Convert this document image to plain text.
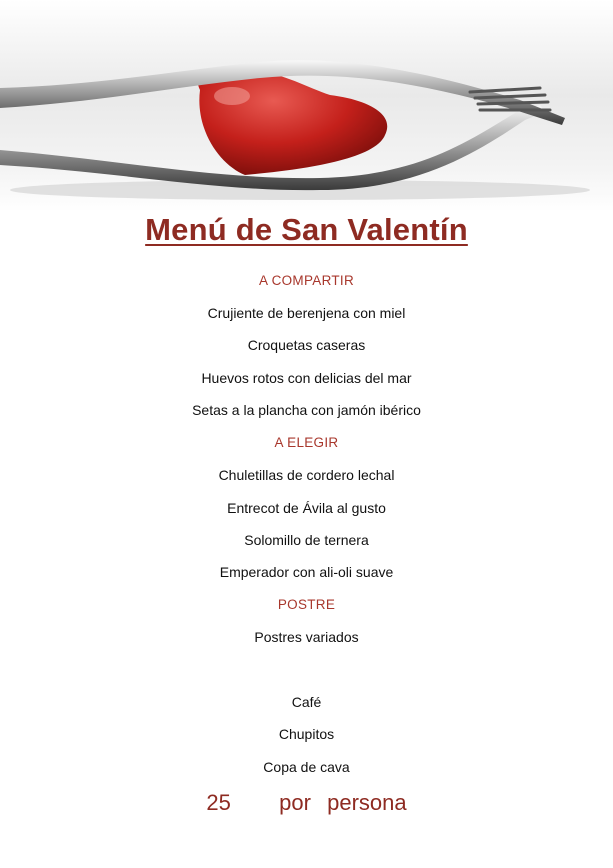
Menú de San Valentín
A COMPARTIR
Crujiente de berenjena con miel
Croquetas caseras
Huevos rotos con delicias del mar
Setas a la plancha con jamón ibérico
A ELEGIR
Chuletillas de cordero lechal
Entrecot de Ávila al gusto
Solomillo de ternera
Emperador con ali-oli suave
POSTRE
Postres variados
Café
Chupitos
Copa de cava
25   por persona
